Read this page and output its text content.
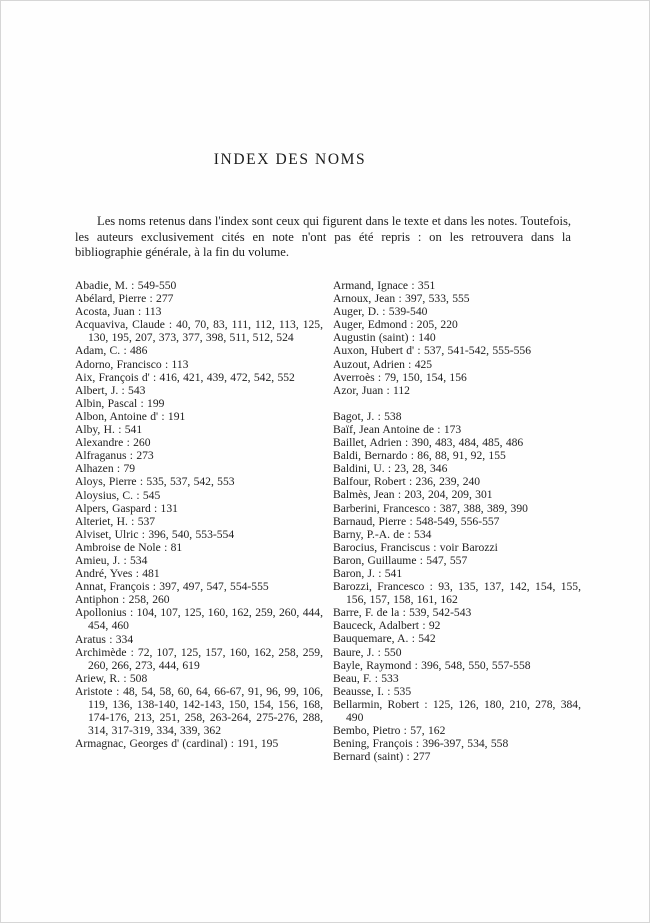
INDEX DES NOMS
Les noms retenus dans l'index sont ceux qui figurent dans le texte et dans les notes. Toutefois, les auteurs exclusivement cités en note n'ont pas été repris : on les retrouvera dans la bibliographie générale, à la fin du volume.
Abadie, M. : 549-550
Abélard, Pierre : 277
Acosta, Juan : 113
Acquaviva, Claude : 40, 70, 83, 111, 112, 113, 125, 130, 195, 207, 373, 377, 398, 511, 512, 524
Adam, C. : 486
Adorno, Francisco : 113
Aix, François d' : 416, 421, 439, 472, 542, 552
Albert, J. : 543
Albin, Pascal : 199
Albon, Antoine d' : 191
Alby, H. : 541
Alexandre : 260
Alfraganus : 273
Alhazen : 79
Aloys, Pierre : 535, 537, 542, 553
Aloysius, C. : 545
Alpers, Gaspard : 131
Alteriet, H. : 537
Alviset, Ulric : 396, 540, 553-554
Ambroise de Nole : 81
Amieu, J. : 534
André, Yves : 481
Annat, François : 397, 497, 547, 554-555
Antiphon : 258, 260
Apollonius : 104, 107, 125, 160, 162, 259, 260, 444, 454, 460
Aratus : 334
Archimède : 72, 107, 125, 157, 160, 162, 258, 259, 260, 266, 273, 444, 619
Ariew, R. : 508
Aristote : 48, 54, 58, 60, 64, 66-67, 91, 96, 99, 106, 119, 136, 138-140, 142-143, 150, 154, 156, 168, 174-176, 213, 251, 258, 263-264, 275-276, 288, 314, 317-319, 334, 339, 362
Armagnac, Georges d' (cardinal) : 191, 195
Armand, Ignace : 351
Arnoux, Jean : 397, 533, 555
Auger, D. : 539-540
Auger, Edmond : 205, 220
Augustin (saint) : 140
Auxon, Hubert d' : 537, 541-542, 555-556
Auzout, Adrien : 425
Averroès : 79, 150, 154, 156
Azor, Juan : 112
Bagot, J. : 538
Baïf, Jean Antoine de : 173
Baillet, Adrien : 390, 483, 484, 485, 486
Baldi, Bernardo : 86, 88, 91, 92, 155
Baldini, U. : 23, 28, 346
Balfour, Robert : 236, 239, 240
Balmès, Jean : 203, 204, 209, 301
Barberini, Francesco : 387, 388, 389, 390
Barnaud, Pierre : 548-549, 556-557
Barny, P.-A. de : 534
Barocius, Franciscus : voir Barozzi
Baron, Guillaume : 547, 557
Baron, J. : 541
Barozzi, Francesco : 93, 135, 137, 142, 154, 155, 156, 157, 158, 161, 162
Barre, F. de la : 539, 542-543
Bauceck, Adalbert : 92
Bauquemare, A. : 542
Baure, J. : 550
Bayle, Raymond : 396, 548, 550, 557-558
Beau, F. : 533
Beausse, I. : 535
Bellarmin, Robert : 125, 126, 180, 210, 278, 384, 490
Bembo, Pietro : 57, 162
Bening, François : 396-397, 534, 558
Bernard (saint) : 277
